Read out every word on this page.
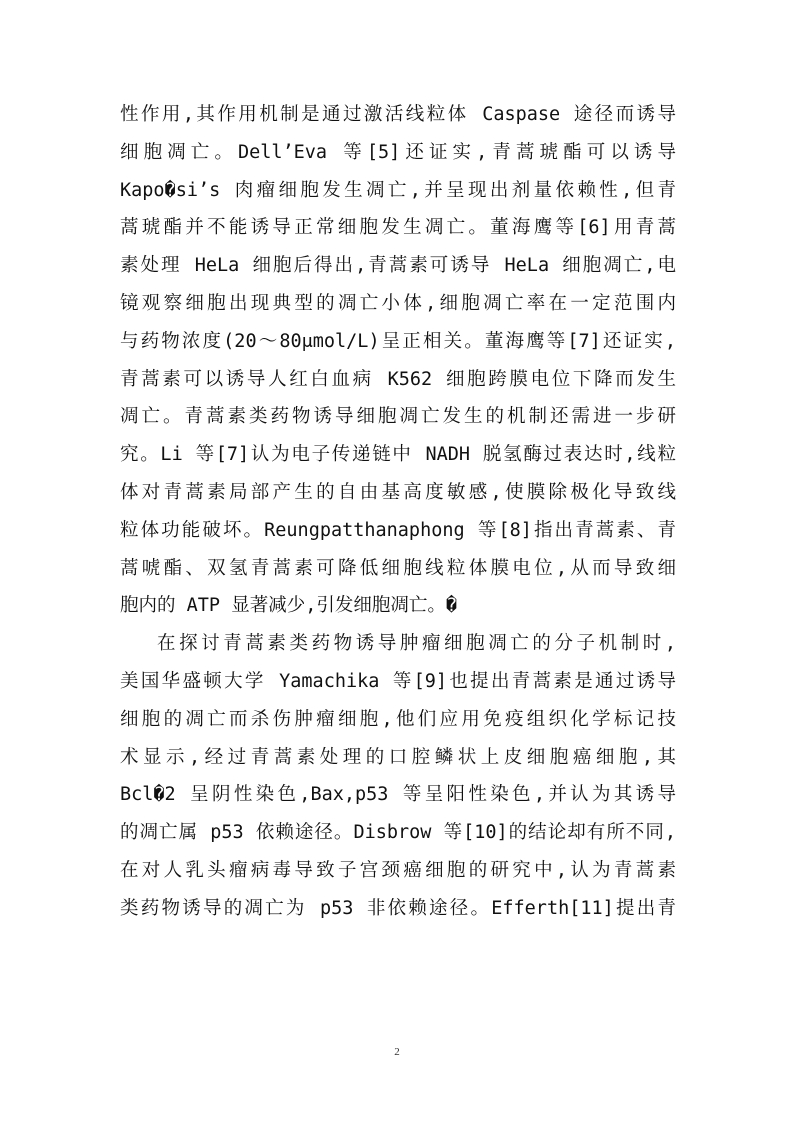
性作用,其作用机制是通过激活线粒体 Caspase 途径而诱导
细胞凋亡。Dell’Eva 等[5]还证实,青蒿琥酯可以诱导
Kapo�si’s 肉瘤细胞发生凋亡,并呈现出剂量依赖性,但青
蒿琥酯并不能诱导正常细胞发生凋亡。董海鹰等[6]用青蒿
素处理 HeLa 细胞后得出,青蒿素可诱导 HeLa 细胞凋亡,电
镜观察细胞出现典型的凋亡小体,细胞凋亡率在一定范围内
与药物浓度(20～80μmol/L)呈正相关。董海鹰等[7]还证实,
青蒿素可以诱导人红白血病 K562 细胞跨膜电位下降而发生
凋亡。青蒿素类药物诱导细胞凋亡发生的机制还需进一步研
究。Li 等[7]认为电子传递链中 NADH 脱氢酶过表达时,线粒
体对青蒿素局部产生的自由基高度敏感,使膜除极化导致线
粒体功能破坏。Reungpatthanaphong 等[8]指出青蒿素、青
蒿唬酯、双氢青蒿素可降低细胞线粒体膜电位,从而导致细
胞内的 ATP 显著减少,引发细胞凋亡。�
在探讨青蒿素类药物诱导肿瘤细胞凋亡的分子机制时,
美国华盛顿大学 Yamachika 等[9]也提出青蒿素是通过诱导
细胞的凋亡而杀伤肿瘤细胞,他们应用免疫组织化学标记技
术显示,经过青蒿素处理的口腔鳞状上皮细胞癌细胞,其
Bcl�2 呈阴性染色,Bax,p53 等呈阳性染色,并认为其诱导
的凋亡属 p53 依赖途径。Disbrow 等[10]的结论却有所不同,
在对人乳头瘤病毒导致子宫颈癌细胞的研究中,认为青蒿素
类药物诱导的凋亡为 p53 非依赖途径。Efferth[11]提出青
2
